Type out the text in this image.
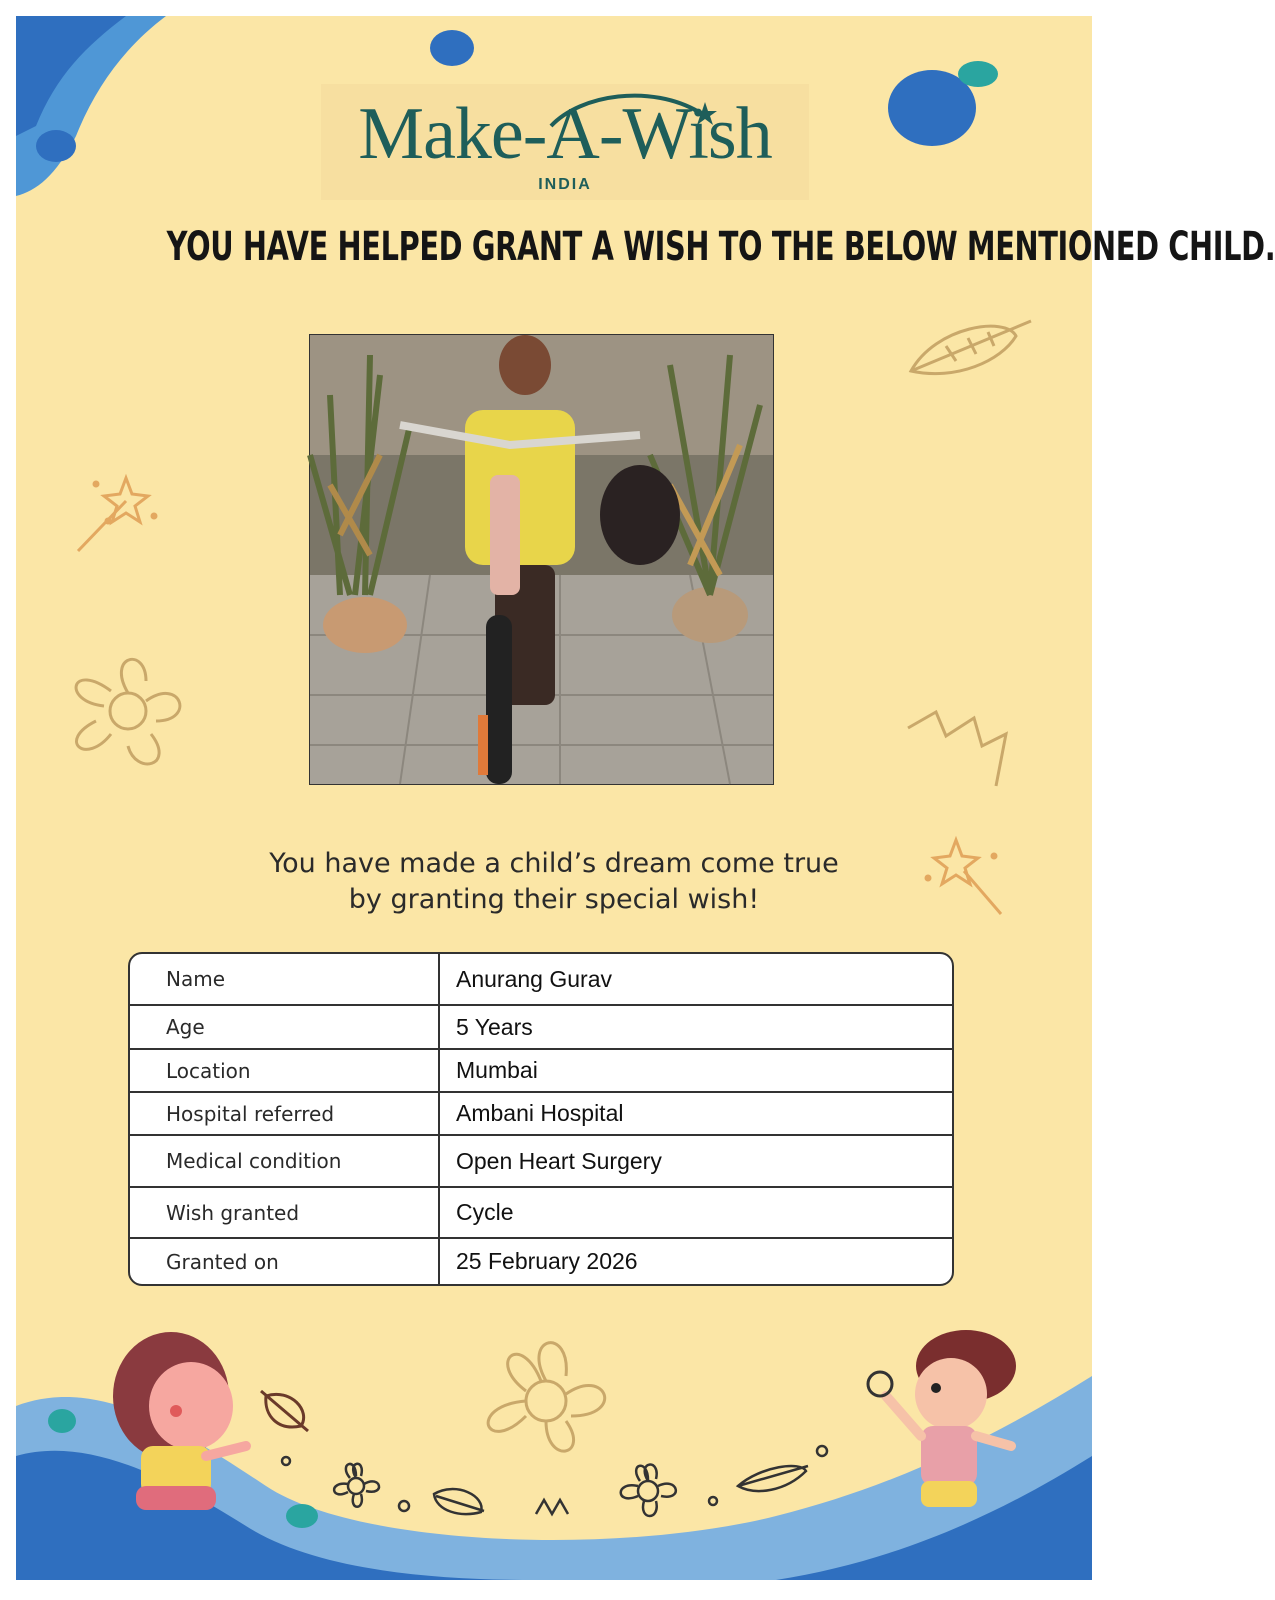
Make-A-Wish
INDIA
YOU HAVE HELPED GRANT A WISH TO THE BELOW MENTIONED CHILD.
You have made a child’s dream come true
by granting their special wish!
Name	Anurang Gurav
Age	5 Years
Location	Mumbai
Hospital referred	Ambani Hospital
Medical condition	Open Heart Surgery
Wish granted	Cycle
Granted on	25 February 2026
